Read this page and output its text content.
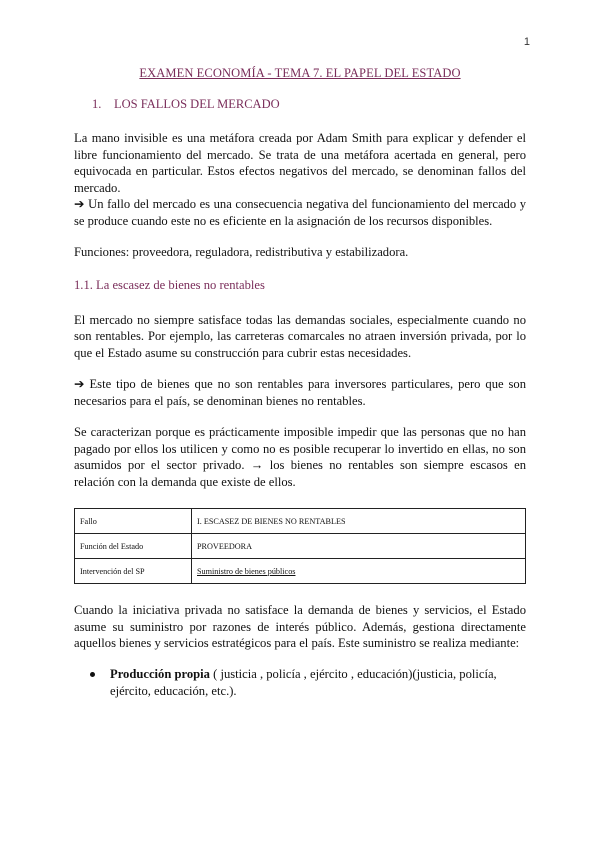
1
EXAMEN ECONOMÍA - TEMA 7. EL PAPEL DEL ESTADO
1. LOS FALLOS DEL MERCADO

La mano invisible es una metáfora creada por Adam Smith para explicar y defender el libre funcionamiento del mercado. Se trata de una metáfora acertada en general, pero equivocada en particular. Estos efectos negativos del mercado, se denominan fallos del mercado.

➔ Un fallo del mercado es una consecuencia negativa del funcionamiento del mercado y se produce cuando este no es eficiente en la asignación de los recursos disponibles.

Funciones: proveedora, reguladora, redistributiva y estabilizadora.

1.1. La escasez de bienes no rentables

El mercado no siempre satisface todas las demandas sociales, especialmente cuando no son rentables. Por ejemplo, las carreteras comarcales no atraen inversión privada, por lo que el Estado asume su construcción para cubrir estas necesidades.

➔ Este tipo de bienes que no son rentables para inversores particulares, pero que son necesarios para el país, se denominan bienes no rentables.

Se caracterizan porque es prácticamente imposible impedir que las personas que no han pagado por ellos los utilicen y como no es posible recuperar lo invertido en ellas, no son asumidos por el sector privado. → los bienes no rentables son siempre escasos en relación con la demanda que existe de ellos.

Fallo	I. ESCASEZ DE BIENES NO RENTABLES
Función del Estado	PROVEEDORA
Intervención del SP	Suministro de bienes públicos

Cuando la iniciativa privada no satisface la demanda de bienes y servicios, el Estado asume su suministro por razones de interés público. Además, gestiona directamente aquellos bienes y servicios estratégicos para el país. Este suministro se realiza mediante:

Producción propia ( justicia , policía , ejército , educación)(justicia, policía, ejército, educación, etc.).
